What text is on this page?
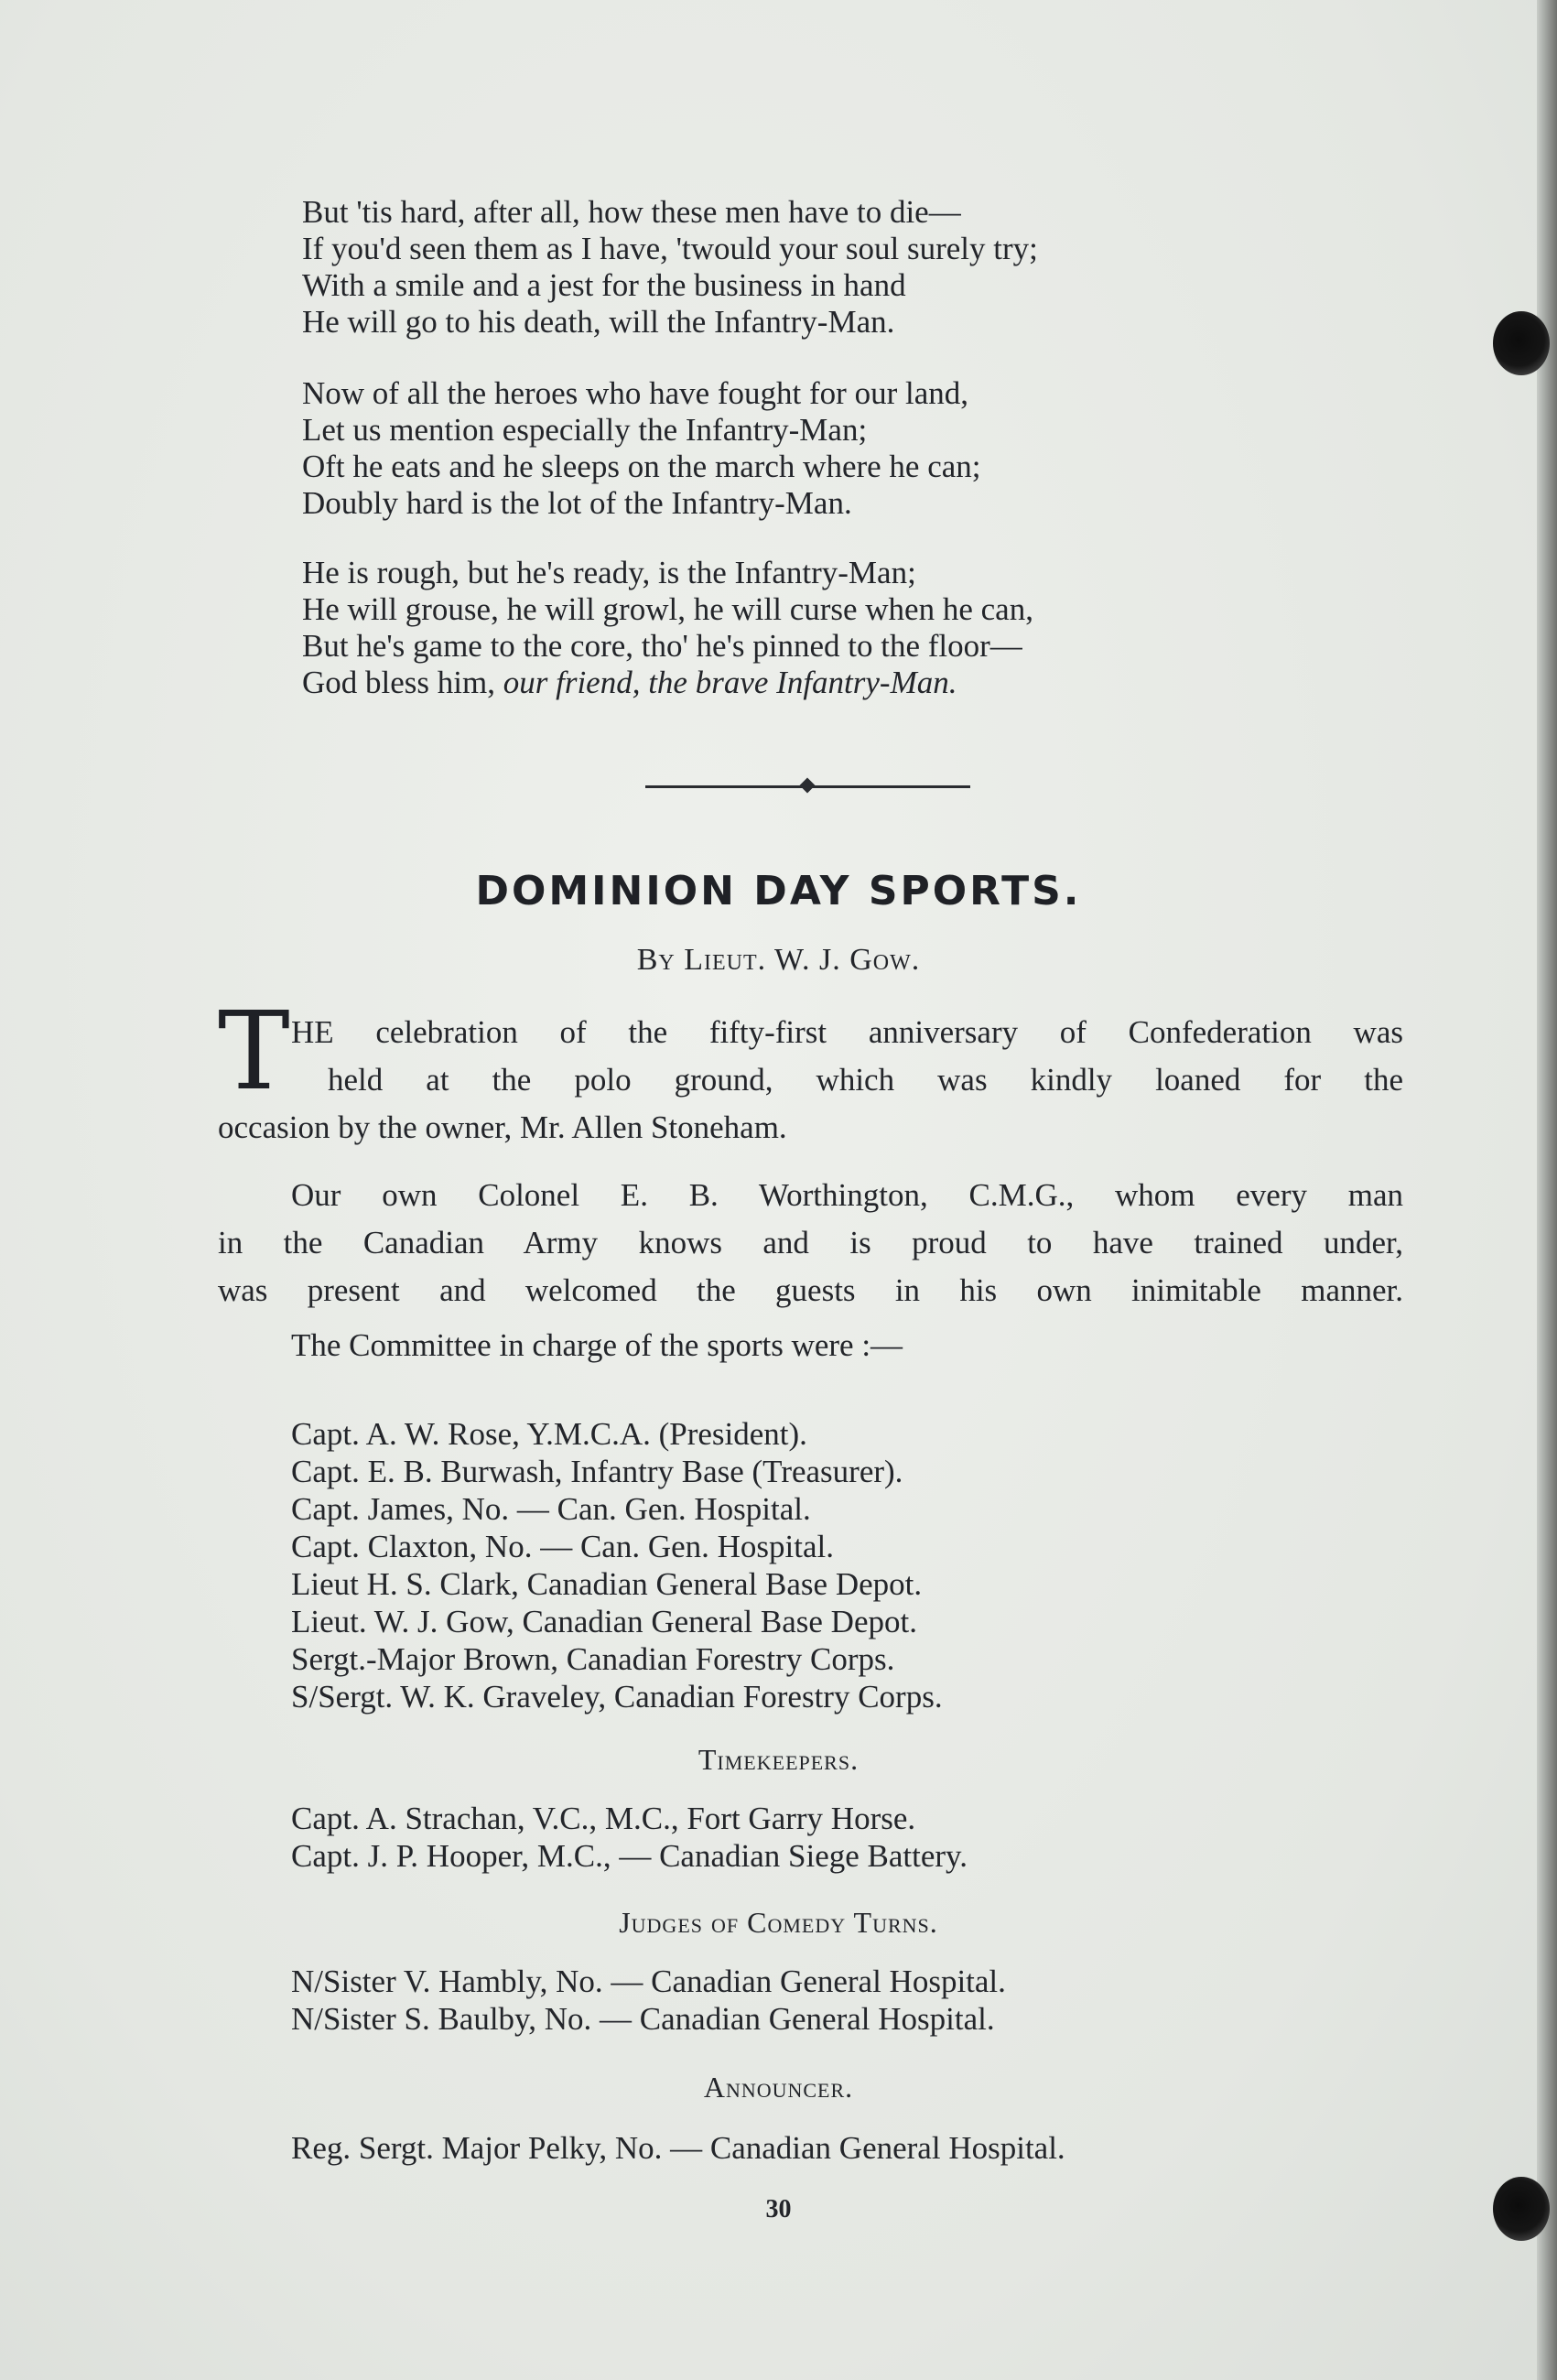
But 'tis hard, after all, how these men have to die—
If you'd seen them as I have, 'twould your soul surely try;
With a smile and a jest for the business in hand
He will go to his death, will the Infantry-Man.
Now of all the heroes who have fought for our land,
Let us mention especially the Infantry-Man;
Oft he eats and he sleeps on the march where he can;
Doubly hard is the lot of the Infantry-Man.
He is rough, but he's ready, is the Infantry-Man;
He will grouse, he will growl, he will curse when he can,
But he's game to the core, tho' he's pinned to the floor—
God bless him, our friend, the brave Infantry-Man.
DOMINION DAY SPORTS.
By Lieut. W. J. Gow.
T HE celebration of the fifty-first anniversary of Confederation was
held at the polo ground, which was kindly loaned for the
occasion by the owner, Mr. Allen Stoneham.
Our own Colonel E. B. Worthington, C.M.G., whom every man
in the Canadian Army knows and is proud to have trained under,
was present and welcomed the guests in his own inimitable manner.
The Committee in charge of the sports were :—
Capt. A. W. Rose, Y.M.C.A. (President).
Capt. E. B. Burwash, Infantry Base (Treasurer).
Capt. James, No. — Can. Gen. Hospital.
Capt. Claxton, No. — Can. Gen. Hospital.
Lieut H. S. Clark, Canadian General Base Depot.
Lieut. W. J. Gow, Canadian General Base Depot.
Sergt.-Major Brown, Canadian Forestry Corps.
S/Sergt. W. K. Graveley, Canadian Forestry Corps.
Timekeepers.
Capt. A. Strachan, V.C., M.C., Fort Garry Horse.
Capt. J. P. Hooper, M.C., — Canadian Siege Battery.
Judges of Comedy Turns.
N/Sister V. Hambly, No. — Canadian General Hospital.
N/Sister S. Baulby, No. — Canadian General Hospital.
Announcer.
Reg. Sergt. Major Pelky, No. — Canadian General Hospital.
30
